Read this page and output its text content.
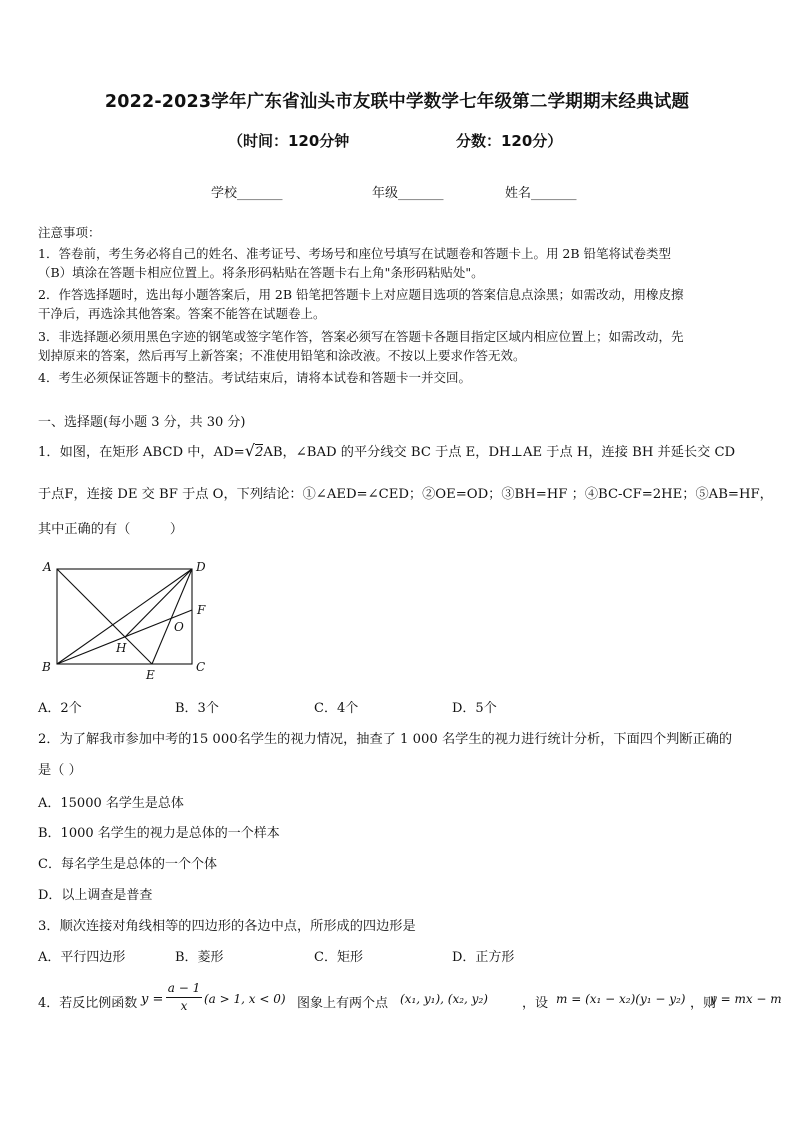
2022-2023学年广东省汕头市友联中学数学七年级第二学期期末经典试题
（时间：120分钟	分数：120分）
学校_______	年级_______	姓名_______
注意事项：
1．答卷前，考生务必将自己的姓名、准考证号、考场号和座位号填写在试题卷和答题卡上。用 2B 铅笔将试卷类型
（B）填涂在答题卡相应位置上。将条形码粘贴在答题卡右上角"条形码粘贴处"。
2．作答选择题时，选出每小题答案后，用 2B 铅笔把答题卡上对应题目选项的答案信息点涂黑；如需改动，用橡皮擦
干净后，再选涂其他答案。答案不能答在试题卷上。
3．非选择题必须用黑色字迹的钢笔或签字笔作答，答案必须写在答题卡各题目指定区域内相应位置上；如需改动，先
划掉原来的答案，然后再写上新答案；不准使用铅笔和涂改液。不按以上要求作答无效。
4．考生必须保证答题卡的整洁。考试结束后，请将本试卷和答题卡一并交回。
一、选择题(每小题 3 分，共 30 分)
1．如图，在矩形 ABCD 中，AD=√2AB，∠BAD 的平分线交 BC 于点 E，DH⊥AE 于点 H，连接 BH 并延长交 CD
于点F，连接 DE 交 BF 于点 O，下列结论：①∠AED=∠CED；②OE=OD；③BH=HF ；④BC-CF=2HE；⑤AB=HF，
其中正确的有（　　　）
A	D
F
O
H
B
E
C
A．2个	B．3个	C．4个	D．5个
2．为了解我市参加中考的15 000名学生的视力情况，抽查了 1 000 名学生的视力进行统计分析，下面四个判断正确的
是（ ）
A．15000 名学生是总体
B．1000 名学生的视力是总体的一个样本
C．每名学生是总体的一个个体
D．以上调查是普查
3．顺次连接对角线相等的四边形的各边中点，所形成的四边形是
A．平行四边形	B．菱形	C．矩形	D．正方形
4．若反比例函数 $y = \frac{a - 1}{x} (a > 1$, x < 0) 图象上有两个点 (x₁, y₁), (x₂, y₂)	，设 m = (x₁ − x₂)(y₁ − y₂) ，则
y = mx − m
